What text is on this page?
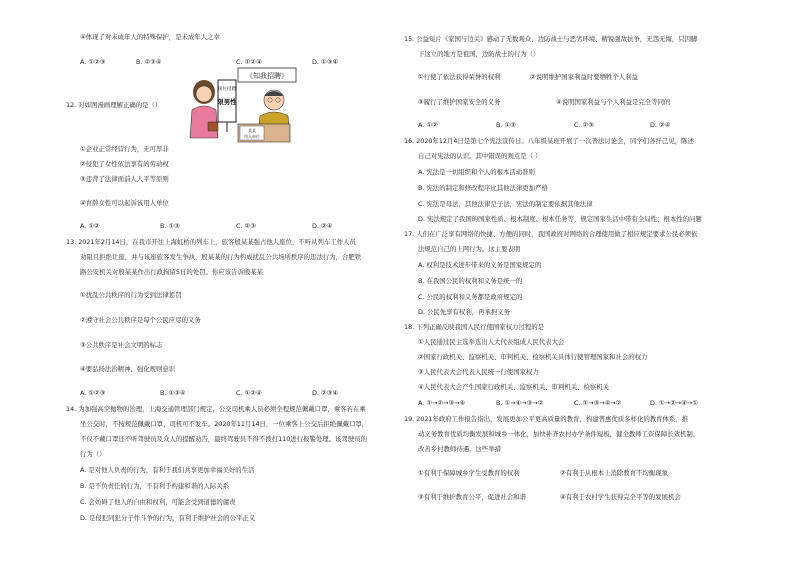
④体现了对未成年人的特殊保护，是未成年人之幸
A. ①②③	B. ②③④	C. ①②④	D. ①③④
12. 对如图漫画理解正确的是（）
《知我招聘》
岗位招聘
限男性
某某
用人单位
①企业正常经营行为，无可厚非
②侵犯了女性依法享有的劳动权
③违背了法律面前人人平等原则
④育龄女性可以起诉该用人单位
A. ①②	B. ①③	C. ②③	D. ②④
13. 2021年2月14日，在我市开往上海虹桥的列车上，旅客殷某某强占他人座位，不听从列车工作人员
劝阻且拒绝让座，并与该座旅客发生争执，殷某某的行为构成扰乱公共场所秩序的违法行为，合肥铁
路公安机关对殷某某作出行政拘留5日的处罚。你应该告诉殷某某
①扰乱公共秩序的行为受到法律惩罚
②遵守社会公共秩序是每个公民应尽的义务
③公共秩序是社会文明的标志
④要弘扬法治精神，强化规则意识
A. ①②③	B. ①③④	C. ①②④	D. ②③④
14. 为加强高空抛物的治理，上海交通管理部门规定，公交司机乘人员必须全程规范佩戴口罩，乘客若在乘
坐公交时，不按规范佩戴口罩，司机可不发车。2020年11月14日，一位乘客上公交后拒绝佩戴口罩，
不仅不戴口罩还不听驾驶员及众人的提醒劝告，最终驾驶员不得不拨打110进行报警处理。该驾驶员的
行为（）
A. 是对他人负责的行为，有利于我们共享更加幸福美好的生活
B. 是不负责任的行为，不有利于构建和谐的人际关系
C. 会妨碍了他人的自由和权利，可能会受到道德的谴责
D. 是侵犯同犯分子作斗争的行为，有利于维护社会的公平正义
15. 公益短片《家国与边关》感动了无数观众，边防战士与恶劣环境、精锐强敌抗争，无怨无悔，只因脚
下这立的地方是祖国，边防战士的行为（）
①行使了依法获得荣誉的权利	②说明维护国家利益时要牺牲个人利益
③履行了维护国家安全的义务	④说明国家利益与个人利益是完全等同的
A. ①②	B. ①③	C. ②③	D. ②④
16. 2020年12月4日是第七个宪法宣传日。八年级某班开展了一次普法讨论会，同学们各抒己见，陈述
自己对宪法的认识。其中错误的观点是（ ）
A. 宪法是一切组织和个人的根本活动准则
B. 宪法的制定和修改程序比其他法律更加严格
C. 宪法是母法，其他法律是子法，宪法的制定要依据其他法律
D. 宪法规定了我国的国家性质、根本制度、根本任务等，规定国家生活中带有全局性、根本性的问题
17. 人们在广泛享有网络的快捷、方便的同时，我国政府对网络的合理使用做了相应规定要求公民必须依
法规范自己的上网行为。这主要表明
A. 权利是技术进步带来的义务是国家规定的
B. 在我国公民的权利和义务是统一的
C. 公民的权利和义务都是政府规定的
D. 公民先享有权利，再承担义务
18. 下列正确反映我国人民行使国家权力过程的是
①人民通过民主选举选出人大代表组成人民代表大会
②国家行政机关、监察机关、审判机关、检察机关具体行使管理国家和社会的权力
③人民代表大会代表人民统一行使国家权力
④人民代表大会产生国家行政机关、监察机关、审判机关、检察机关
A. ①→②→③→④	B. ①→④→③→②	C. ①→③→④→②	D. ①→②→④→①
19. 2021年政府工作报告指出，发展更加公平更高质量的教育，构建普惠优质多样化的教育体系，推
动义务教育优质均衡发展和城乡一体化，加快补齐农村办学条件短板，健全教师工资保障长效机制，
改善乡村教师待遇。这些举措
①有利于保障城乡学生受教育的权利	②有利于从根本上消除教育不均衡现象
③有利于维护教育公平，促进社会和谐	④有利于农村学生获得完全平等的发展机会
